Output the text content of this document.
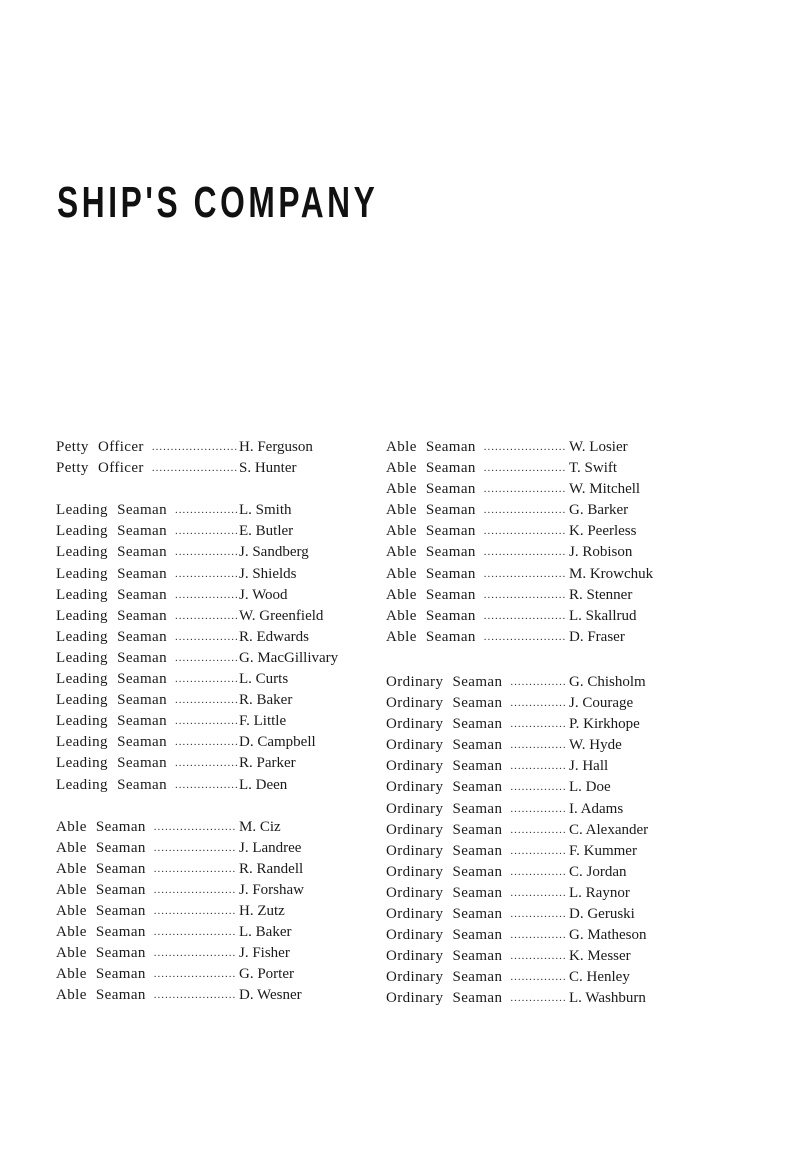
SHIP'S COMPANY
Petty Officer .....	H. Ferguson
Petty Officer .....	S. Hunter
Leading Seaman .....	L. Smith
Leading Seaman .....	E. Butler
Leading Seaman .....	J. Sandberg
Leading Seaman .....	J. Shields
Leading Seaman .....	J. Wood
Leading Seaman .....	W. Greenfield
Leading Seaman .....	R. Edwards
Leading Seaman .....	G. MacGillivary
Leading Seaman .....	L. Curts
Leading Seaman .....	R. Baker
Leading Seaman .....	F. Little
Leading Seaman .....	D. Campbell
Leading Seaman .....	R. Parker
Leading Seaman .....	L. Deen
Able Seaman .....	M. Ciz
Able Seaman .....	J. Landree
Able Seaman .....	R. Randell
Able Seaman .....	J. Forshaw
Able Seaman .....	H. Zutz
Able Seaman .....	L. Baker
Able Seaman .....	J. Fisher
Able Seaman .....	G. Porter
Able Seaman .....	D. Wesner
Able Seaman .....	W. Losier
Able Seaman .....	T. Swift
Able Seaman .....	W. Mitchell
Able Seaman .....	G. Barker
Able Seaman .....	K. Peerless
Able Seaman .....	J. Robison
Able Seaman .....	M. Krowchuk
Able Seaman .....	R. Stenner
Able Seaman .....	L. Skallrud
Able Seaman .....	D. Fraser
Ordinary Seaman .....	G. Chisholm
Ordinary Seaman .....	J. Courage
Ordinary Seaman .....	P. Kirkhope
Ordinary Seaman .....	W. Hyde
Ordinary Seaman .....	J. Hall
Ordinary Seaman .....	L. Doe
Ordinary Seaman .....	I. Adams
Ordinary Seaman .....	C. Alexander
Ordinary Seaman .....	F. Kummer
Ordinary Seaman .....	C. Jordan
Ordinary Seaman .....	L. Raynor
Ordinary Seaman .....	D. Geruski
Ordinary Seaman .....	G. Matheson
Ordinary Seaman .....	K. Messer
Ordinary Seaman .....	C. Henley
Ordinary Seaman .....	L. Washburn
